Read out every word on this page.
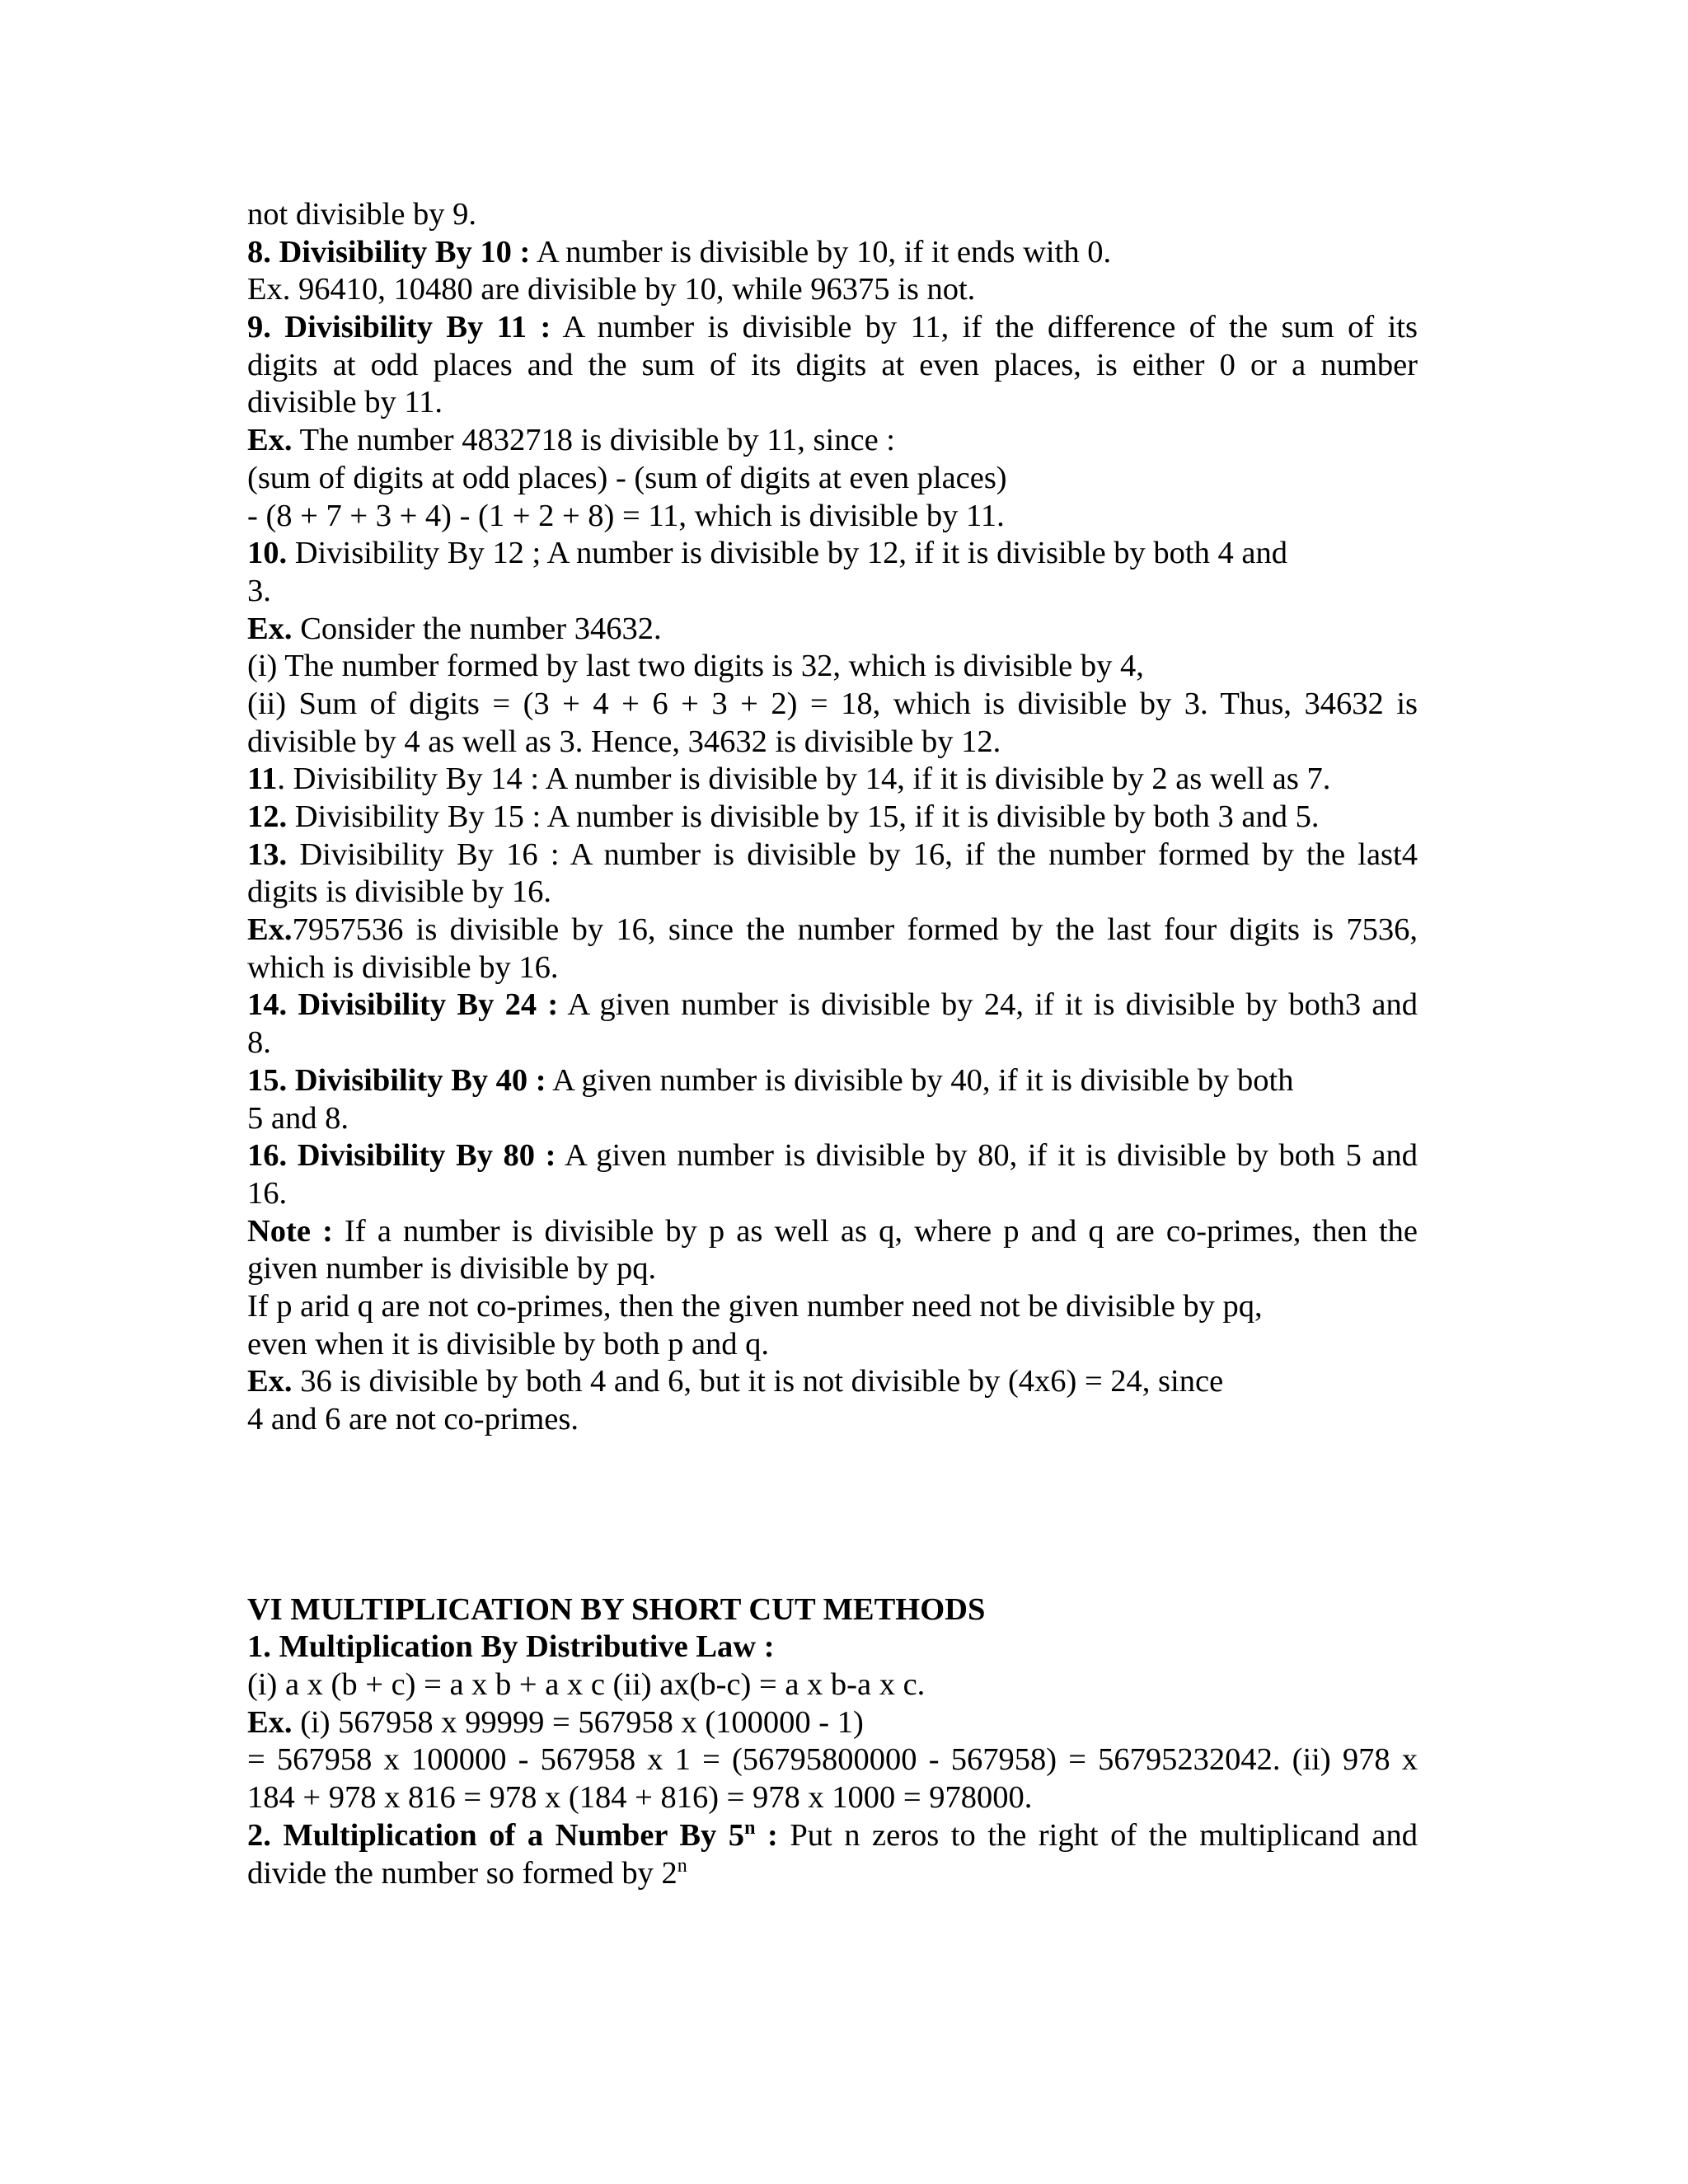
not divisible by 9.
8. Divisibility By 10 : A number is divisible by 10, if it ends with 0.
Ex. 96410, 10480 are divisible by 10, while 96375 is not.
9. Divisibility By 11 : A number is divisible by 11, if the difference of the sum of its
digits at odd places and the sum of its digits at even places, is either 0 or a number
divisible by 11.
Ex. The number 4832718 is divisible by 11, since :
(sum of digits at odd places) - (sum of digits at even places)
- (8 + 7 + 3 + 4) - (1 + 2 + 8) = 11, which is divisible by 11.
10. Divisibility By 12 ; A number is divisible by 12, if it is divisible by both 4 and
3.
Ex. Consider the number 34632.
(i) The number formed by last two digits is 32, which is divisible by 4,
(ii) Sum of digits = (3 + 4 + 6 + 3 + 2) = 18, which is divisible by 3. Thus, 34632 is
divisible by 4 as well as 3. Hence, 34632 is divisible by 12.
11. Divisibility By 14 : A number is divisible by 14, if it is divisible by 2 as well as 7.
12. Divisibility By 15 : A number is divisible by 15, if it is divisible by both 3 and 5.
13. Divisibility By 16 : A number is divisible by 16, if the number formed by the last4
digits is divisible by 16.
Ex.7957536 is divisible by 16, since the number formed by the last four digits is 7536,
which is divisible by 16.
14. Divisibility By 24 : A given number is divisible by 24, if it is divisible by both3 and
8.
15. Divisibility By 40 : A given number is divisible by 40, if it is divisible by both
5 and 8.
16. Divisibility By 80 : A given number is divisible by 80, if it is divisible by both 5 and
16.
Note : If a number is divisible by p as well as q, where p and q are co-primes, then the
given number is divisible by pq.
If p arid q are not co-primes, then the given number need not be divisible by pq,
even when it is divisible by both p and q.
Ex. 36 is divisible by both 4 and 6, but it is not divisible by (4x6) = 24, since
4 and 6 are not co-primes.
VI MULTIPLICATION BY SHORT CUT METHODS
1. Multiplication By Distributive Law :
(i) a x (b + c) = a x b + a x c (ii) ax(b-c) = a x b-a x c.
Ex. (i) 567958 x 99999 = 567958 x (100000 - 1)
= 567958 x 100000 - 567958 x 1 = (56795800000 - 567958) = 56795232042. (ii) 978 x
184 + 978 x 816 = 978 x (184 + 816) = 978 x 1000 = 978000.
2. Multiplication of a Number By 5$^n$ : Put n zeros to the right of the multiplicand and
divide the number so formed by 2$^n$
